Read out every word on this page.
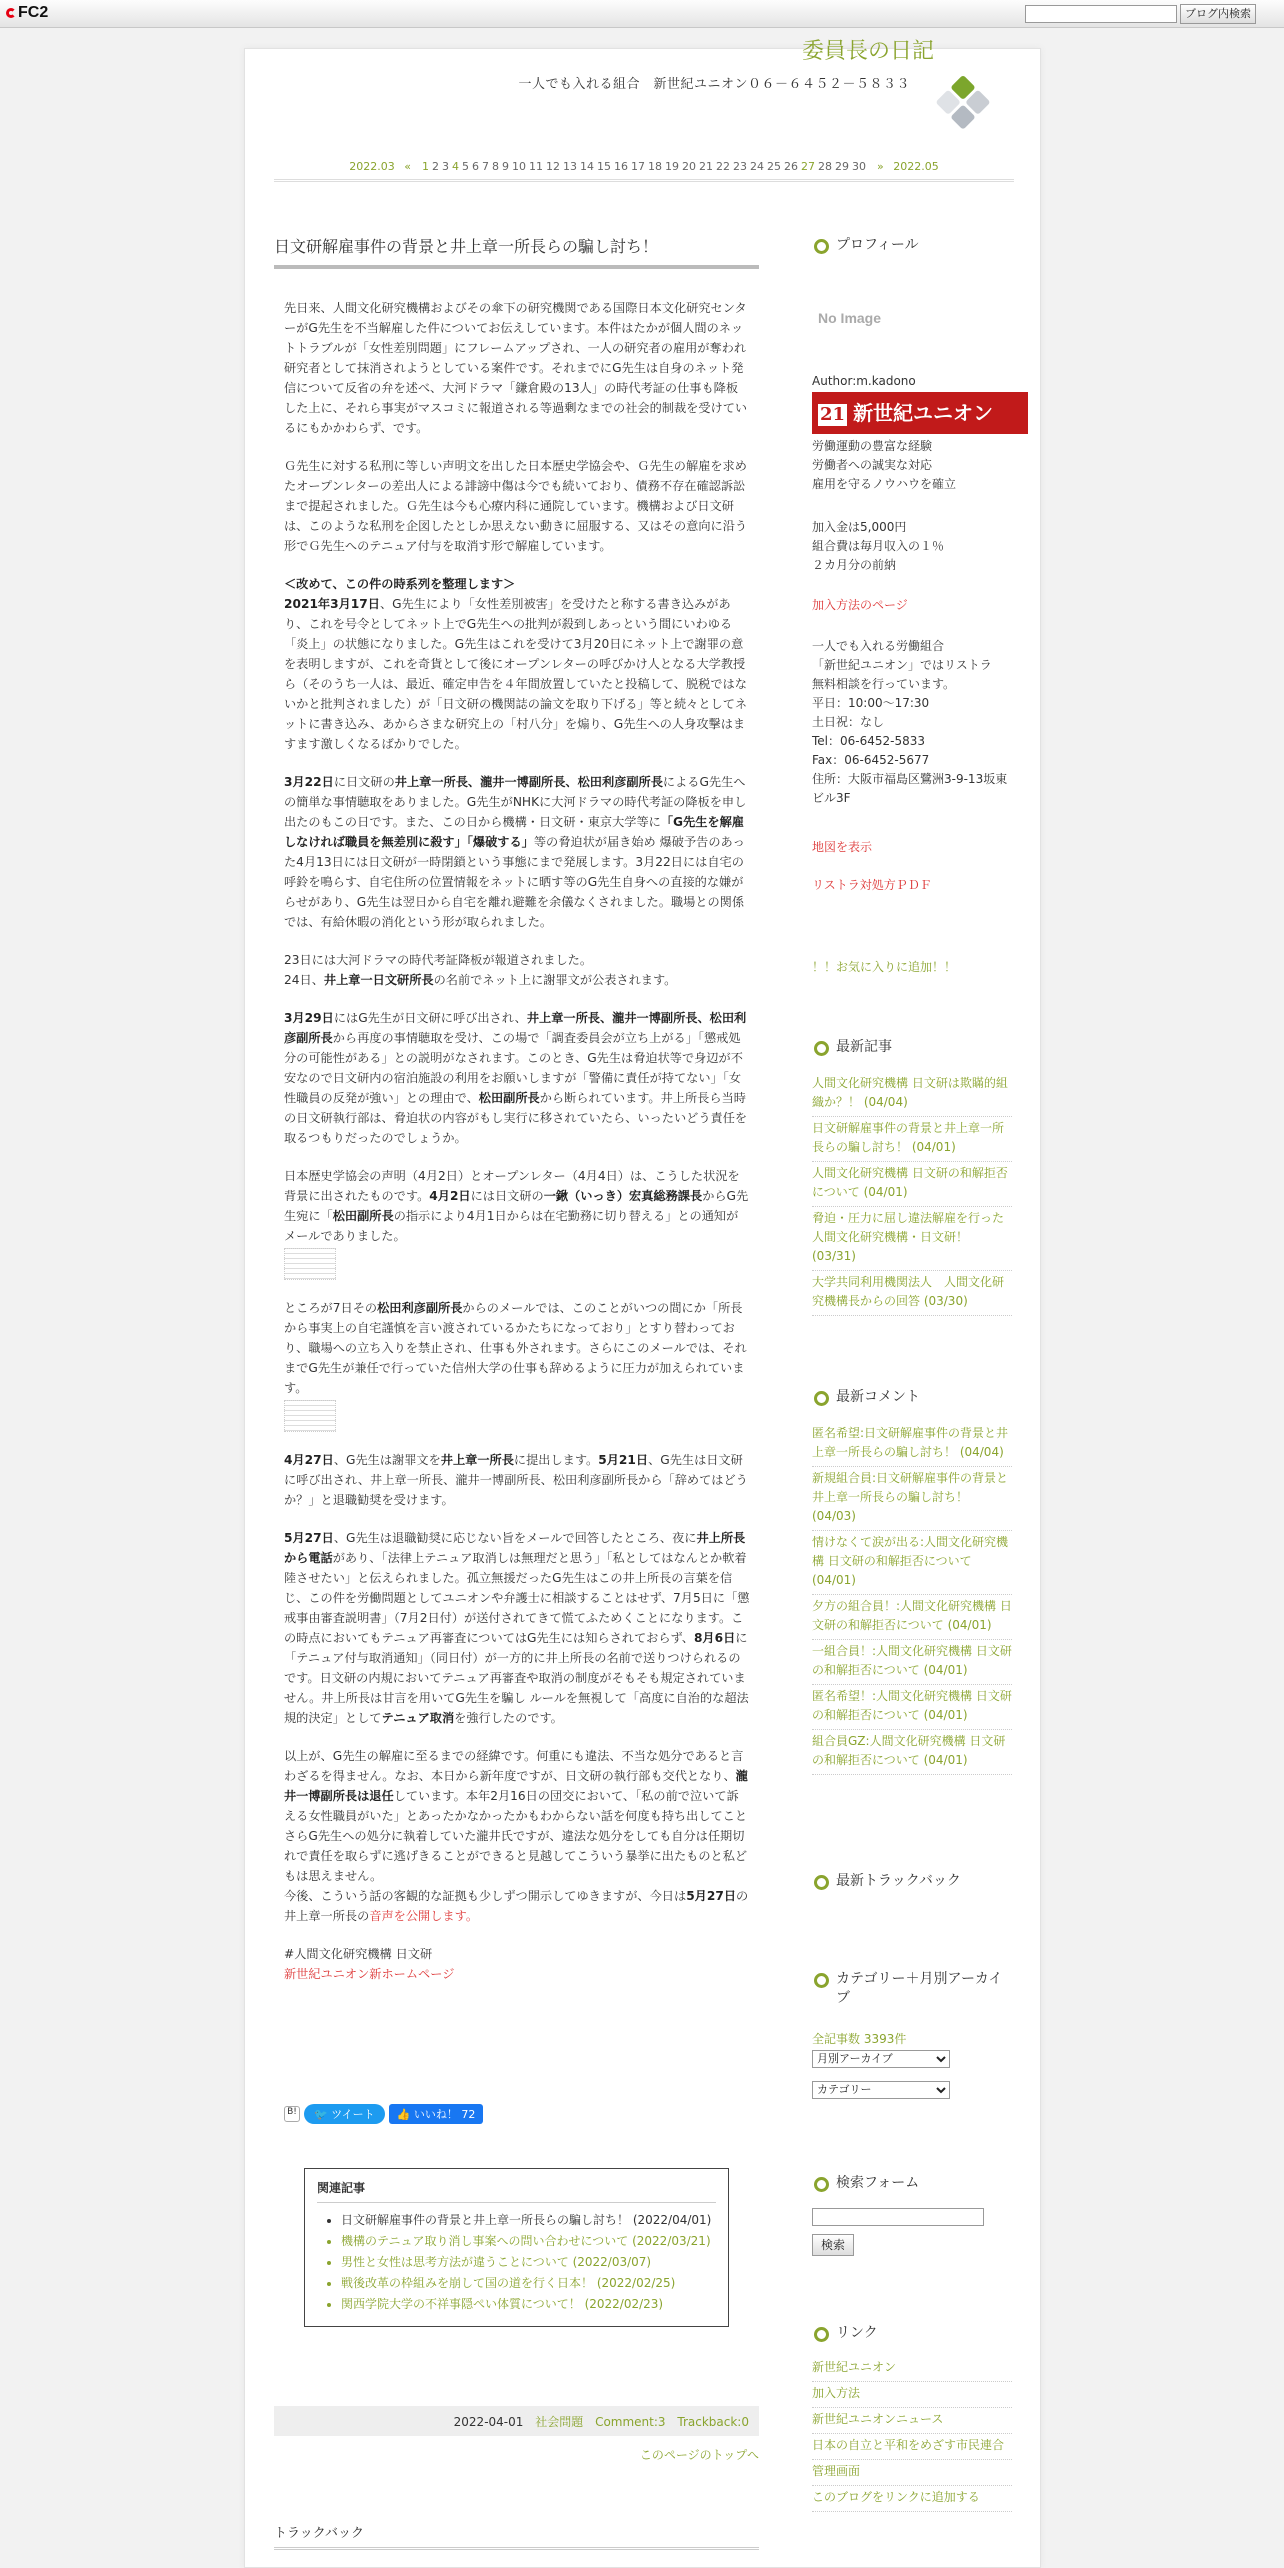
FC2	ブログ内検索
委員長の日記
一人でも入れる組合　新世紀ユニオン０６－６４５２－５８３３
2022.03 « 1 2 3 4 5 6 7 8 9 10 11 12 13 14 15 16 17 18 19 20 21 22 23 24 25 26 27 28 29 30 » 2022.05
日文研解雇事件の背景と井上章一所長らの騙し討ち！

先日来、人間文化研究機構およびその傘下の研究機関である国際日本文化研究センターがG先生を不当解雇した件についてお伝えしています。本件はたかが個人間のネットトラブルが「女性差別問題」にフレームアップされ、一人の研究者の雇用が奪われ研究者として抹消されようとしている案件です。それまでにG先生は自身のネット発信について反省の弁を述べ、大河ドラマ「鎌倉殿の13人」の時代考証の仕事も降板した上に、それら事実がマスコミに報道される等過剰なまでの社会的制裁を受けているにもかかわらず、です。

Ｇ先生に対する私刑に等しい声明文を出した日本歴史学協会や、Ｇ先生の解雇を求めたオープンレターの差出人による誹謗中傷は今でも続いており、債務不存在確認訴訟まで提起されました。Ｇ先生は今も心療内科に通院しています。機構および日文研は、このような私刑を企図したとしか思えない動きに屈服する、又はその意向に沿う形でＧ先生へのテニュア付与を取消す形で解雇しています。

＜改めて、この件の時系列を整理します＞
2021年3月17日、G先生により「女性差別被害」を受けたと称する書き込みがあり、これを号令としてネット上でG先生への批判が殺到しあっという間にいわゆる「炎上」の状態になりました。G先生はこれを受けて3月20日にネット上で謝罪の意を表明しますが、これを奇貨として後にオープンレターの呼びかけ人となる大学教授ら（そのうち一人は、最近、確定申告を４年間放置していたと投稿して、脱税ではないかと批判されました）が「日文研の機関誌の論文を取り下げる」等と続々としてネットに書き込み、あからさまな研究上の「村八分」を煽り、G先生への人身攻撃はますます激しくなるばかりでした。

3月22日に日文研の井上章一所長、瀧井一博副所長、松田利彦副所長によるG先生への簡単な事情聴取をありました。G先生がNHKに大河ドラマの時代考証の降板を申し出たのもこの日です。また、この日から機構・日文研・東京大学等に「G先生を解雇しなければ職員を無差別に殺す」「爆破する」等の脅迫状が届き始め 爆破予告のあった4月13日には日文研が一時閉鎖という事態にまで発展します。3月22日には自宅の呼鈴を鳴らす、自宅住所の位置情報をネットに晒す等のG先生自身への直接的な嫌がらせがあり、G先生は翌日から自宅を離れ避難を余儀なくされました。職場との関係では、有給休暇の消化という形が取られました。

23日には大河ドラマの時代考証降板が報道されました。
24日、井上章一日文研所長の名前でネット上に謝罪文が公表されます。

3月29日にはG先生が日文研に呼び出され、井上章一所長、瀧井一博副所長、松田利彦副所長から再度の事情聴取を受け、この場で「調査委員会が立ち上がる」「懲戒処分の可能性がある」との説明がなされます。このとき、G先生は脅迫状等で身辺が不安なので日文研内の宿泊施設の利用をお願いしますが「警備に責任が持てない」「女性職員の反発が強い」との理由で、松田副所長から断られています。井上所長ら当時の日文研執行部は、脅迫状の内容がもし実行に移されていたら、いったいどう責任を取るつもりだったのでしょうか。

日本歴史学協会の声明（4月2日）とオープンレター（4月4日）は、こうした状況を背景に出されたものです。4月2日には日文研の一鍬（いっき）宏真総務課長からG先生宛に「松田副所長の指示により4月1日からは在宅勤務に切り替える」との通知がメールでありました。

ところが7日その松田利彦副所長からのメールでは、このことがいつの間にか「所長から事実上の自宅謹慎を言い渡されているかたちになっており」とすり替わっており、職場への立ち入りを禁止され、仕事も外されます。さらにこのメールでは、それまでG先生が兼任で行っていた信州大学の仕事も辞めるように圧力が加えられています。

4月27日、G先生は謝罪文を井上章一所長に提出します。5月21日、G先生は日文研に呼び出され、井上章一所長、瀧井一博副所長、松田利彦副所長から「辞めてはどうか？」と退職勧奨を受けます。

5月27日、G先生は退職勧奨に応じない旨をメールで回答したところ、夜に井上所長から電話があり、「法律上テニュア取消しは無理だと思う」「私としてはなんとか軟着陸させたい」と伝えられました。孤立無援だったG先生はこの井上所長の言葉を信じ、この件を労働問題としてユニオンや弁護士に相談することはせず、7月5日に「懲戒事由審査説明書」（7月2日付）が送付されてきて慌てふためくことになります。この時点においてもテニュア再審査についてはG先生には知らされておらず、8月6日に「テニュア付与取消通知」（同日付）が一方的に井上所長の名前で送りつけられるのです。日文研の内規においてテニュア再審査や取消の制度がそもそも規定されていません。井上所長は甘言を用いてG先生を騙し ルールを無視して「高度に自治的な超法規的決定」としてテニュア取消を強行したのです。

以上が、G先生の解雇に至るまでの経緯です。何重にも違法、不当な処分であると言わざるを得ません。なお、本日から新年度ですが、日文研の執行部も交代となり、瀧井一博副所長は退任しています。本年2月16日の団交において、「私の前で泣いて訴える女性職員がいた」とあったかなかったかもわからない話を何度も持ち出してことさらG先生への処分に執着していた瀧井氏ですが、違法な処分をしても自分は任期切れで責任を取らずに逃げきることができると見越してこういう暴挙に出たものと私どもは思えません。
今後、こういう話の客観的な証拠も少しずつ開示してゆきますが、今日は5月27日の井上章一所長の音声を公開します。

#人間文化研究機構 日文研
新世紀ユニオン新ホームページ

B! 🐦 ツイート 👍 いいね！ 72
関連記事
• 日文研解雇事件の背景と井上章一所長らの騙し討ち！ (2022/04/01)
• 機構のテニュア取り消し事案への問い合わせについて (2022/03/21)
• 男性と女性は思考方法が違うことについて (2022/03/07)
• 戦後改革の枠組みを崩して国の道を行く日本！ (2022/02/25)
• 関西学院大学の不祥事隠ぺい体質について！ (2022/02/23)
2022-04-01 社会問題 Comment:3 Trackback:0
このページのトップへ
トラックバック
プロフィール
No Image
Author:m.kadono
21 新世紀ユニオン
労働運動の豊富な経験
労働者への誠実な対応
雇用を守るノウハウを確立
加入金は5,000円
組合費は毎月収入の１％
２カ月分の前納
加入方法のページ
一人でも入れる労働組合
「新世紀ユニオン」ではリストラ
無料相談を行っています。
平日：10:00～17:30
土日祝：なし
Tel：06-6452-5833
Fax：06-6452-5677
住所：大阪市福島区鷺洲3-9-13坂東ビル3F
地図を表示
リストラ対処方ＰＤＦ
！！お気に入りに追加！！
最新記事
人間文化研究機構 日文研は欺瞞的組織か？！ (04/04)
日文研解雇事件の背景と井上章一所長らの騙し討ち！ (04/01)
人間文化研究機構 日文研の和解拒否について (04/01)
脅迫・圧力に屈し違法解雇を行った人間文化研究機構・日文研！ (03/31)
大学共同利用機関法人　人間文化研究機構長からの回答 (03/30)
最新コメント
匿名希望:日文研解雇事件の背景と井上章一所長らの騙し討ち！ (04/04)
新規組合員:日文研解雇事件の背景と井上章一所長らの騙し討ち！ (04/03)
情けなくて涙が出る:人間文化研究機構 日文研の和解拒否について (04/01)
夕方の組合員！:人間文化研究機構 日文研の和解拒否について (04/01)
一組合員！:人間文化研究機構 日文研の和解拒否について (04/01)
匿名希望！:人間文化研究機構 日文研の和解拒否について (04/01)
組合員GZ:人間文化研究機構 日文研の和解拒否について (04/01)
最新トラックバック
カテゴリー＋月別アーカイブ
全記事数 3393件
月別アーカイブ
カテゴリー
検索フォーム
検索
リンク
新世紀ユニオン
加入方法
新世紀ユニオンニュース
日本の自立と平和をめざす市民連合
管理画面
このブログをリンクに追加する
